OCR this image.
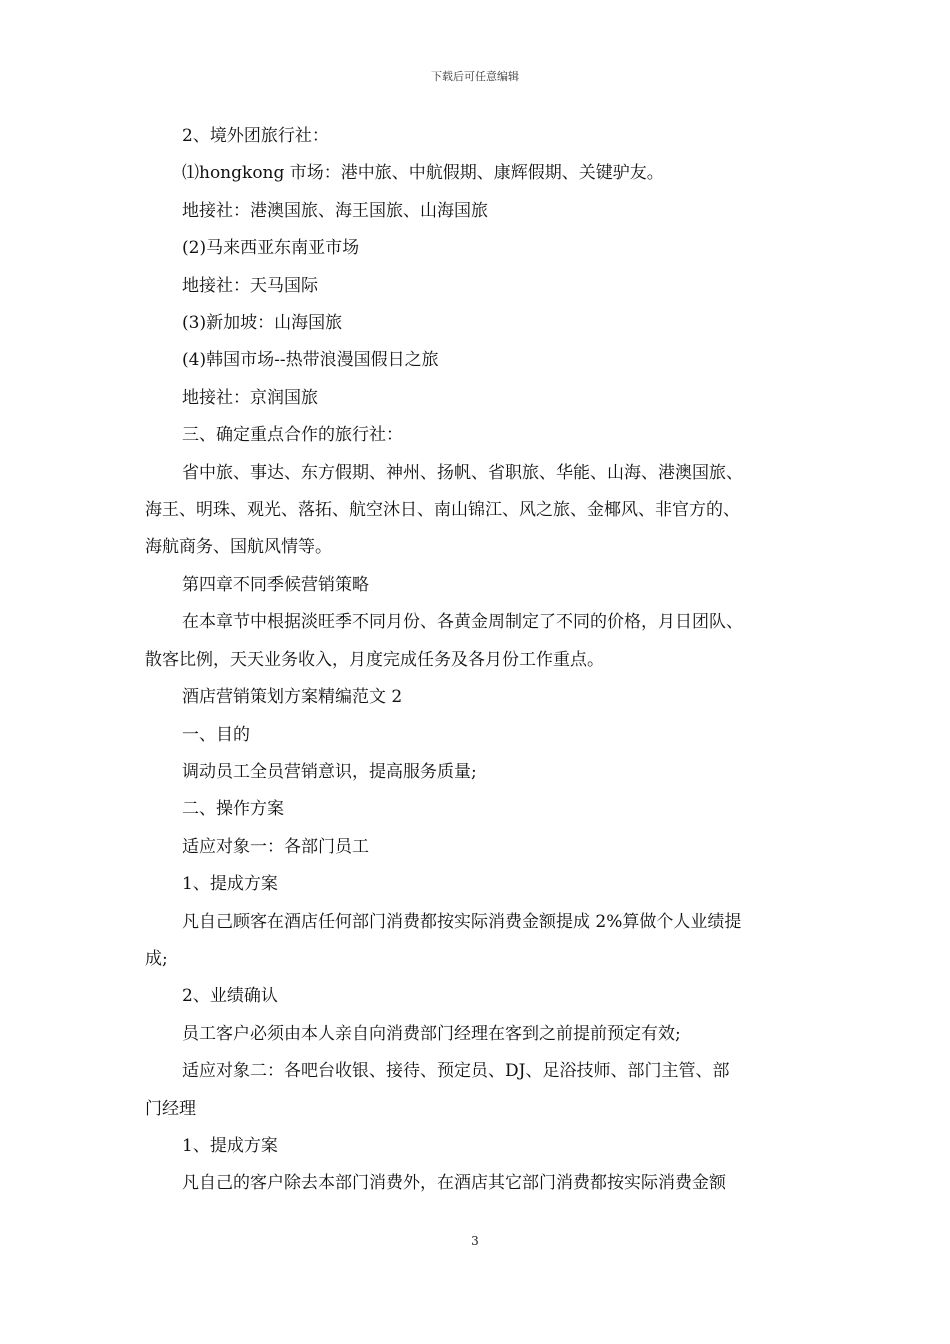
下载后可任意编辑

2、境外团旅行社：

⑴hongkong 市场：港中旅、中航假期、康辉假期、关键驴友。

地接社：港澳国旅、海王国旅、山海国旅

(2)马来西亚东南亚市场

地接社：天马国际

(3)新加坡：山海国旅

(4)韩国市场--热带浪漫国假日之旅

地接社：京润国旅

三、确定重点合作的旅行社：

省中旅、事达、东方假期、神州、扬帆、省职旅、华能、山海、港澳国旅、

海王、明珠、观光、落拓、航空沐日、南山锦江、风之旅、金椰风、非官方的、

海航商务、国航风情等。

第四章不同季候营销策略

在本章节中根据淡旺季不同月份、各黄金周制定了不同的价格，月日团队、

散客比例，天天业务收入，月度完成任务及各月份工作重点。

酒店营销策划方案精编范文 2

一、目的

调动员工全员营销意识，提高服务质量;

二、操作方案

适应对象一：各部门员工

1、提成方案

凡自己顾客在酒店任何部门消费都按实际消费金额提成 2%算做个人业绩提

成;

2、业绩确认

员工客户必须由本人亲自向消费部门经理在客到之前提前预定有效;

适应对象二：各吧台收银、接待、预定员、DJ、足浴技师、部门主管、部

门经理

1、提成方案

凡自己的客户除去本部门消费外，在酒店其它部门消费都按实际消费金额

3
